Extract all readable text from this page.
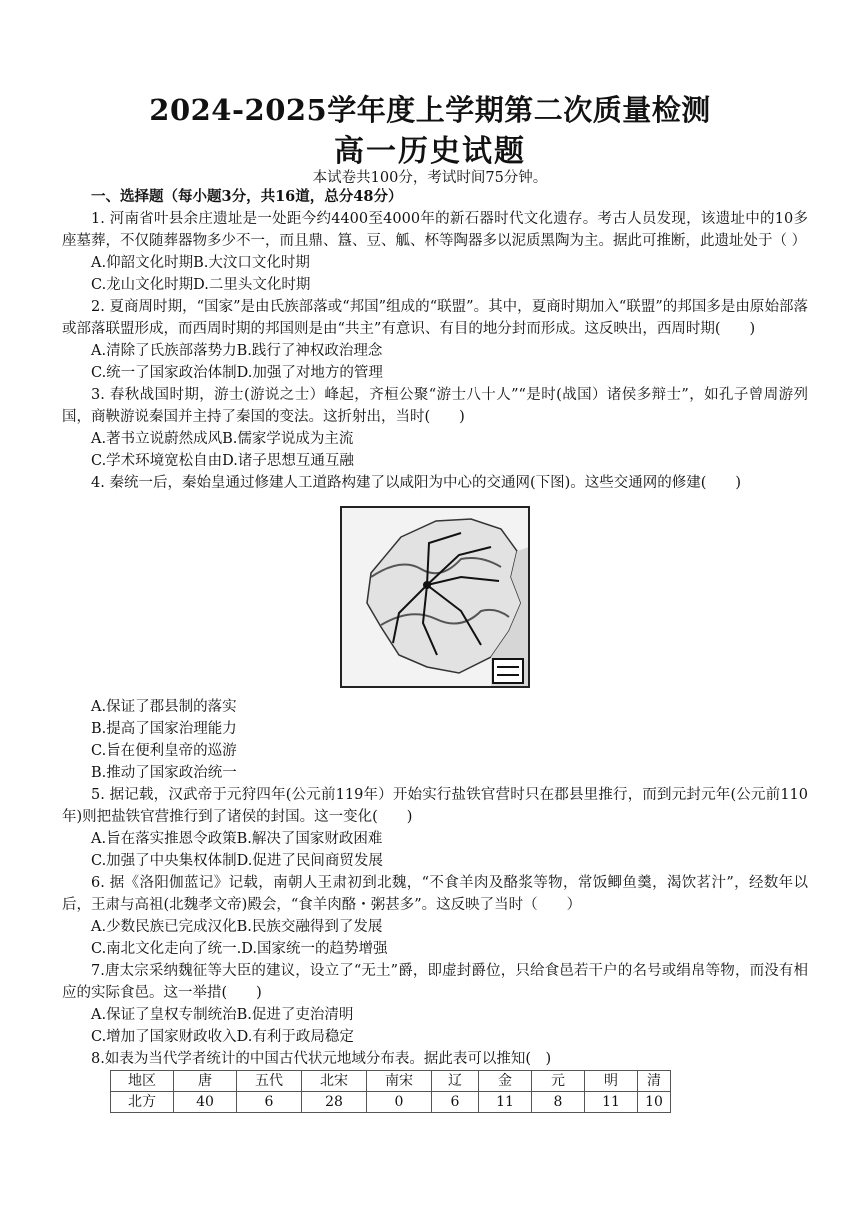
2024-2025学年度上学期第二次质量检测
高一历史试题
本试卷共100分，考试时间75分钟。
一、选择题（每小题3分，共16道，总分48分）
1. 河南省叶县余庄遗址是一处距今约4400至4000年的新石器时代文化遗存。考古人员发现，该遗址中的10多座墓葬，不仅随葬器物多少不一，而且鼎、簋、豆、觚、杯等陶器多以泥质黑陶为主。据此可推断，此遗址处于（ ）
A.仰韶文化时期B.大汶口文化时期
C.龙山文化时期D.二里头文化时期
2. 夏商周时期，“国家”是由氏族部落或“邦国”组成的“联盟”。其中，夏商时期加入“联盟”的邦国多是由原始部落或部落联盟形成，而西周时期的邦国则是由“共主”有意识、有目的地分封而形成。这反映出，西周时期(　　)
A.清除了氏族部落势力B.践行了神权政治理念
C.统一了国家政治体制D.加强了对地方的管理
3. 春秋战国时期，游士(游说之士）峰起，齐桓公聚“游士八十人”“是时(战国）诸侯多辩士”，如孔子曾周游列国，商鞅游说秦国并主持了秦国的变法。这折射出，当时(　　)
A.著书立说蔚然成风B.儒家学说成为主流
C.学术环境宽松自由D.诸子思想互通互融
4. 秦统一后，秦始皇通过修建人工道路构建了以咸阳为中心的交通网(下图)。这些交通网的修建(　　)
A.保证了郡县制的落实
B.提高了国家治理能力
C.旨在便利皇帝的巡游
B.推动了国家政治统一
5. 据记载，汉武帝于元狩四年(公元前119年）开始实行盐铁官营时只在郡县里推行，而到元封元年(公元前110年)则把盐铁官营推行到了诸侯的封国。这一变化(　　)
A.旨在落实推恩令政策B.解决了国家财政困难
C.加强了中央集权体制D.促进了民间商贸发展
6. 据《洛阳伽蓝记》记载，南朝人王肃初到北魏，“不食羊肉及酪浆等物，常饭鲫鱼羹，渴饮茗汁”，经数年以后，王肃与高祖(北魏孝文帝)殿会，“食羊肉酪・粥甚多”。这反映了当时（　　）
A.少数民族已完成汉化B.民族交融得到了发展
C.南北文化走向了统一.D.国家统一的趋势增强
7.唐太宗采纳魏征等大臣的建议，设立了“无土”爵，即虚封爵位，只给食邑若干户的名号或绢帛等物，而没有相应的实际食邑。这一举措(　　)
A.保证了皇权专制统治B.促进了吏治清明
C.增加了国家财政收入D.有利于政局稳定
8.如表为当代学者统计的中国古代状元地域分布表。据此表可以推知(　)
地区	唐	五代	北宋	南宋	辽	金	元	明	清
北方	40	6	28	0	6	11	8	11	10
